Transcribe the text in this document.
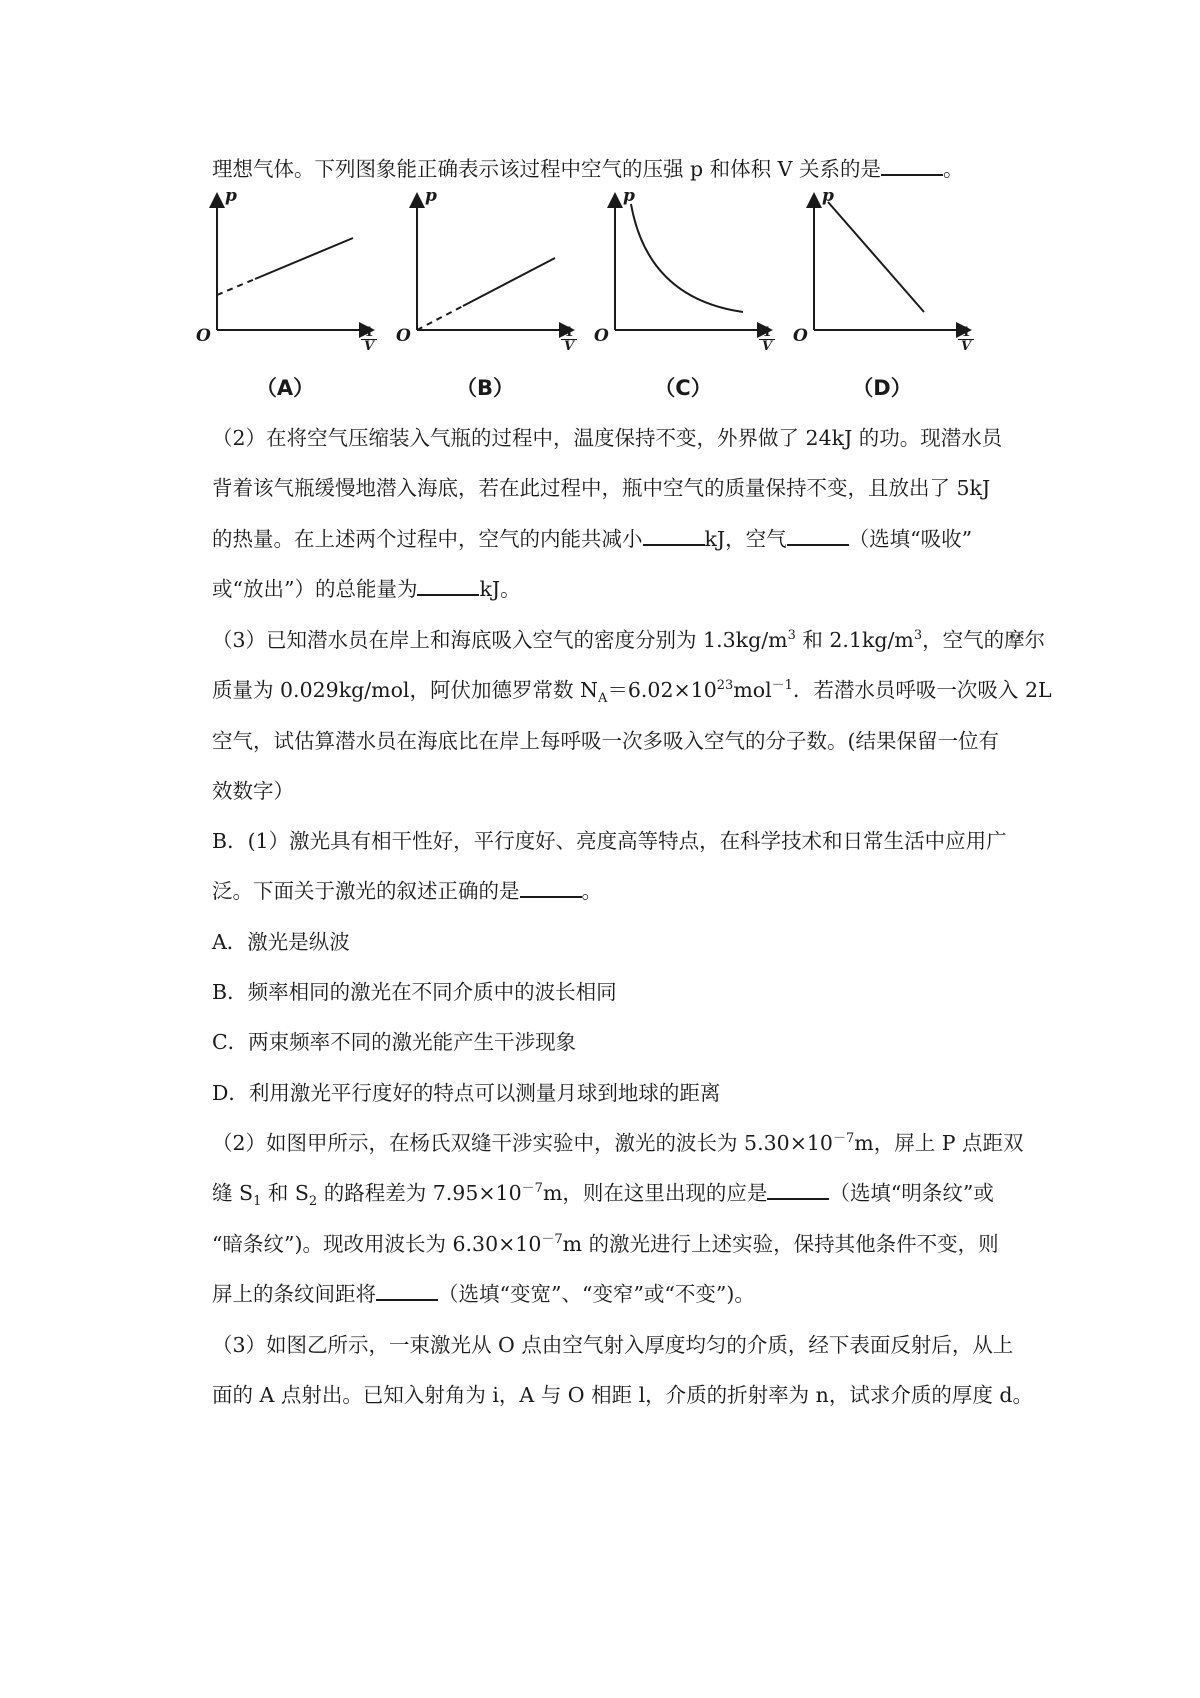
理想气体。下列图象能正确表示该过程中空气的压强 p 和体积 V 关系的是	。
p
O	$\frac{1}{V}$
（A）
p
O	$\frac{1}{V}$
（B）
p
O	$\frac{1}{V}$
（C）
p
O	$\frac{1}{V}$
（D）
（2）在将空气压缩装入气瓶的过程中，温度保持不变，外界做了 24kJ 的功。现潜水员
背着该气瓶缓慢地潜入海底，若在此过程中，瓶中空气的质量保持不变，且放出了 5kJ
的热量。在上述两个过程中，空气的内能共减小	kJ，空气	（选填“吸收”
或“放出”）的总能量为	kJ。
（3）已知潜水员在岸上和海底吸入空气的密度分别为 $1.3kg/m^3$ 和 $2.1kg/m^3$，空气的摩尔
质量为 0.029kg/mol，阿伏加德罗常数 $N_A=6.02\times 10^{23}mol^{-1}$．若潜水员呼吸一次吸入 2L
空气，试估算潜水员在海底比在岸上每呼吸一次多吸入空气的分子数。(结果保留一位有
效数字）
B．(1）激光具有相干性好，平行度好、亮度高等特点，在科学技术和日常生活中应用广
泛。下面关于激光的叙述正确的是	。
A．激光是纵波
B．频率相同的激光在不同介质中的波长相同
C．两束频率不同的激光能产生干涉现象
D．利用激光平行度好的特点可以测量月球到地球的距离
（2）如图甲所示，在杨氏双缝干涉实验中，激光的波长为 $5.30\times 10^{-7}m$，屏上 P 点距双
缝 $S_1$ 和 $S_2$ 的路程差为 $7.95\times 10^{-7}m$，则在这里出现的应是	（选填“明条纹”或
“暗条纹”)。现改用波长为 $6.30\times 10^{-7}m$ 的激光进行上述实验，保持其他条件不变，则
屏上的条纹间距将	（选填“变宽”、“变窄”或“不变”)。
（3）如图乙所示，一束激光从 O 点由空气射入厚度均匀的介质，经下表面反射后，从上
面的 A 点射出。已知入射角为 i，A 与 O 相距 l，介质的折射率为 n，试求介质的厚度 d。
